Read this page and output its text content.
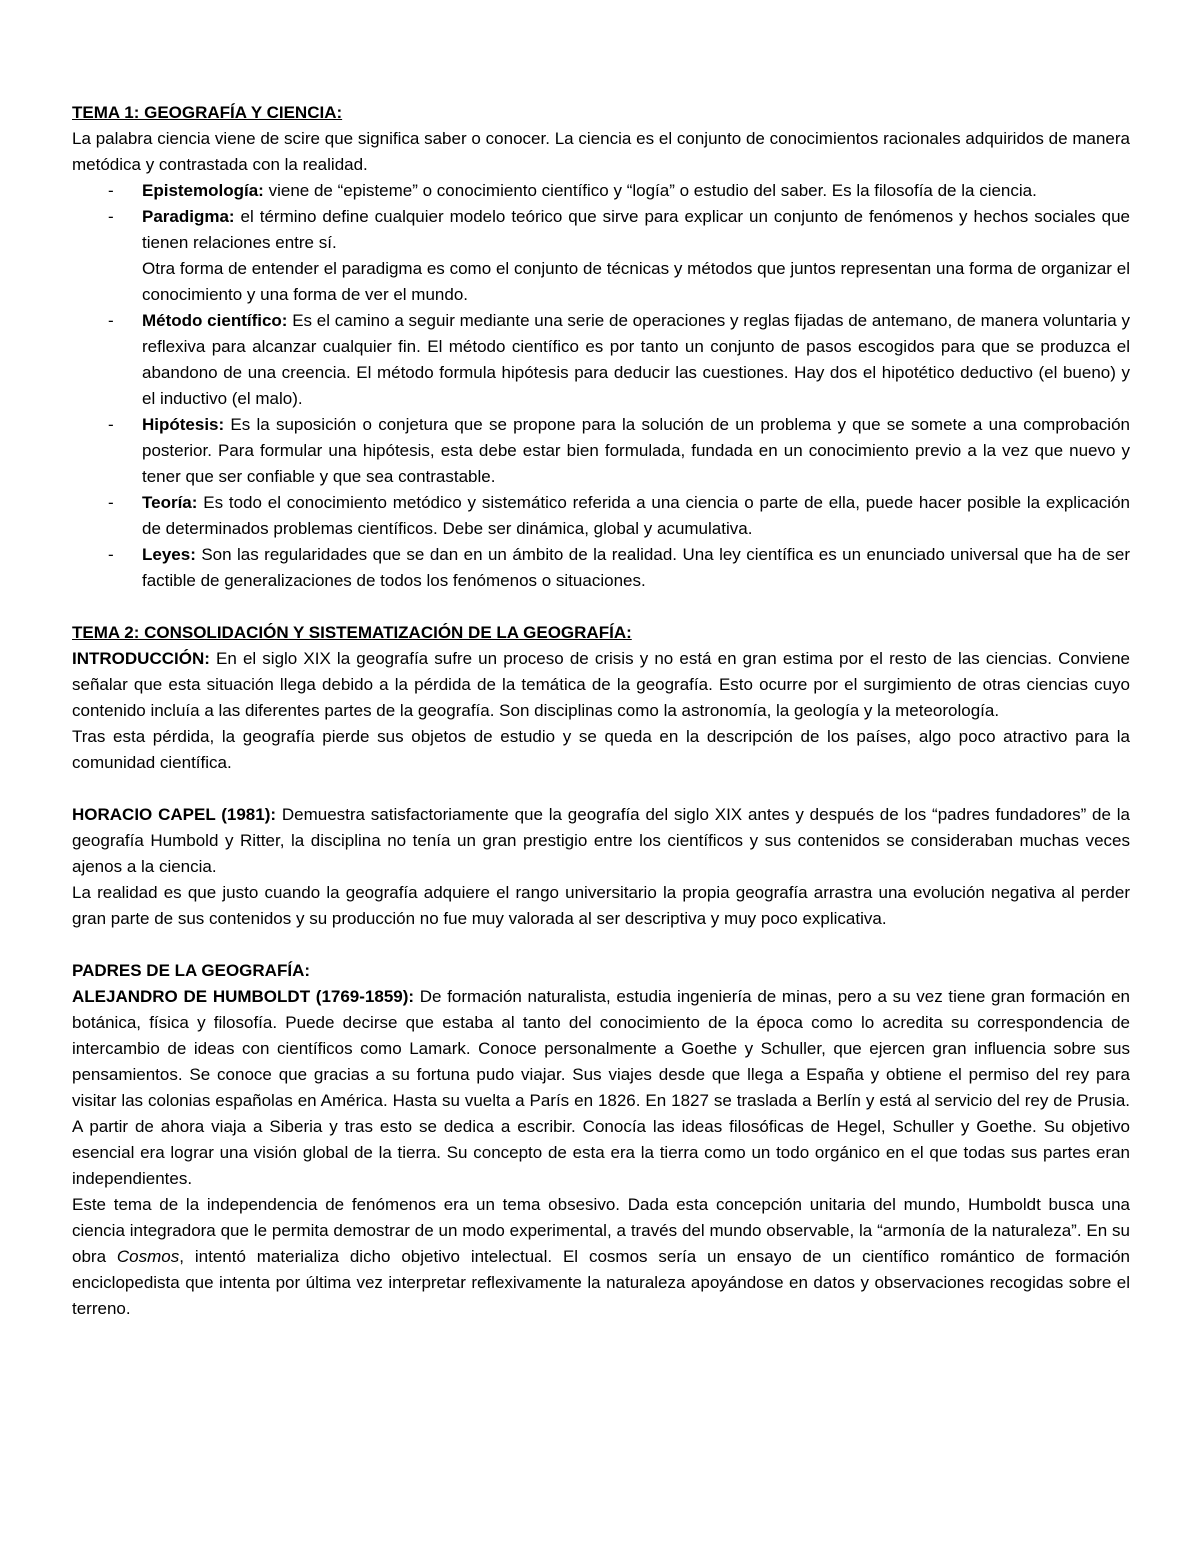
TEMA 1: GEOGRAFÍA Y CIENCIA:

La palabra ciencia viene de scire que significa saber o conocer. La ciencia es el conjunto de conocimientos racionales adquiridos de manera metódica y contrastada con la realidad.

- Epistemología: viene de “episteme” o conocimiento científico y “logía” o estudio del saber. Es la filosofía de la ciencia.
- Paradigma: el término define cualquier modelo teórico que sirve para explicar un conjunto de fenómenos y hechos sociales que tienen relaciones entre sí.

Otra forma de entender el paradigma es como el conjunto de técnicas y métodos que juntos representan una forma de organizar el conocimiento y una forma de ver el mundo.

- Método científico: Es el camino a seguir mediante una serie de operaciones y reglas fijadas de antemano, de manera voluntaria y reflexiva para alcanzar cualquier fin. El método científico es por tanto un conjunto de pasos escogidos para que se produzca el abandono de una creencia. El método formula hipótesis para deducir las cuestiones. Hay dos el hipotético deductivo (el bueno) y el inductivo (el malo).
- Hipótesis: Es la suposición o conjetura que se propone para la solución de un problema y que se somete a una comprobación posterior. Para formular una hipótesis, esta debe estar bien formulada, fundada en un conocimiento previo a la vez que nuevo y tener que ser confiable y que sea contrastable.
- Teoría: Es todo el conocimiento metódico y sistemático referida a una ciencia o parte de ella, puede hacer posible la explicación de determinados problemas científicos. Debe ser dinámica, global y acumulativa.
- Leyes: Son las regularidades que se dan en un ámbito de la realidad. Una ley científica es un enunciado universal que ha de ser factible de generalizaciones de todos los fenómenos o situaciones.

TEMA 2: CONSOLIDACIÓN Y SISTEMATIZACIÓN DE LA GEOGRAFÍA:

INTRODUCCIÓN: En el siglo XIX la geografía sufre un proceso de crisis y no está en gran estima por el resto de las ciencias. Conviene señalar que esta situación llega debido a la pérdida de la temática de la geografía. Esto ocurre por el surgimiento de otras ciencias cuyo contenido incluía a las diferentes partes de la geografía. Son disciplinas como la astronomía, la geología y la meteorología.

Tras esta pérdida, la geografía pierde sus objetos de estudio y se queda en la descripción de los países, algo poco atractivo para la comunidad científica.

HORACIO CAPEL (1981): Demuestra satisfactoriamente que la geografía del siglo XIX antes y después de los “padres fundadores” de la geografía Humbold y Ritter, la disciplina no tenía un gran prestigio entre los científicos y sus contenidos se consideraban muchas veces ajenos a la ciencia.

La realidad es que justo cuando la geografía adquiere el rango universitario la propia geografía arrastra una evolución negativa al perder gran parte de sus contenidos y su producción no fue muy valorada al ser descriptiva y muy poco explicativa.

PADRES DE LA GEOGRAFÍA:

ALEJANDRO DE HUMBOLDT (1769-1859): De formación naturalista, estudia ingeniería de minas, pero a su vez tiene gran formación en botánica, física y filosofía. Puede decirse que estaba al tanto del conocimiento de la época como lo acredita su correspondencia de intercambio de ideas con científicos como Lamark. Conoce personalmente a Goethe y Schuller, que ejercen gran influencia sobre sus pensamientos. Se conoce que gracias a su fortuna pudo viajar. Sus viajes desde que llega a España y obtiene el permiso del rey para visitar las colonias españolas en América. Hasta su vuelta a París en 1826. En 1827 se traslada a Berlín y está al servicio del rey de Prusia. A partir de ahora viaja a Siberia y tras esto se dedica a escribir. Conocía las ideas filosóficas de Hegel, Schuller y Goethe. Su objetivo esencial era lograr una visión global de la tierra. Su concepto de esta era la tierra como un todo orgánico en el que todas sus partes eran independientes.

Este tema de la independencia de fenómenos era un tema obsesivo. Dada esta concepción unitaria del mundo, Humboldt busca una ciencia integradora que le permita demostrar de un modo experimental, a través del mundo observable, la “armonía de la naturaleza”. En su obra Cosmos, intentó materializa dicho objetivo intelectual. El cosmos sería un ensayo de un científico romántico de formación enciclopedista que intenta por última vez interpretar reflexivamente la naturaleza apoyándose en datos y observaciones recogidas sobre el terreno.
